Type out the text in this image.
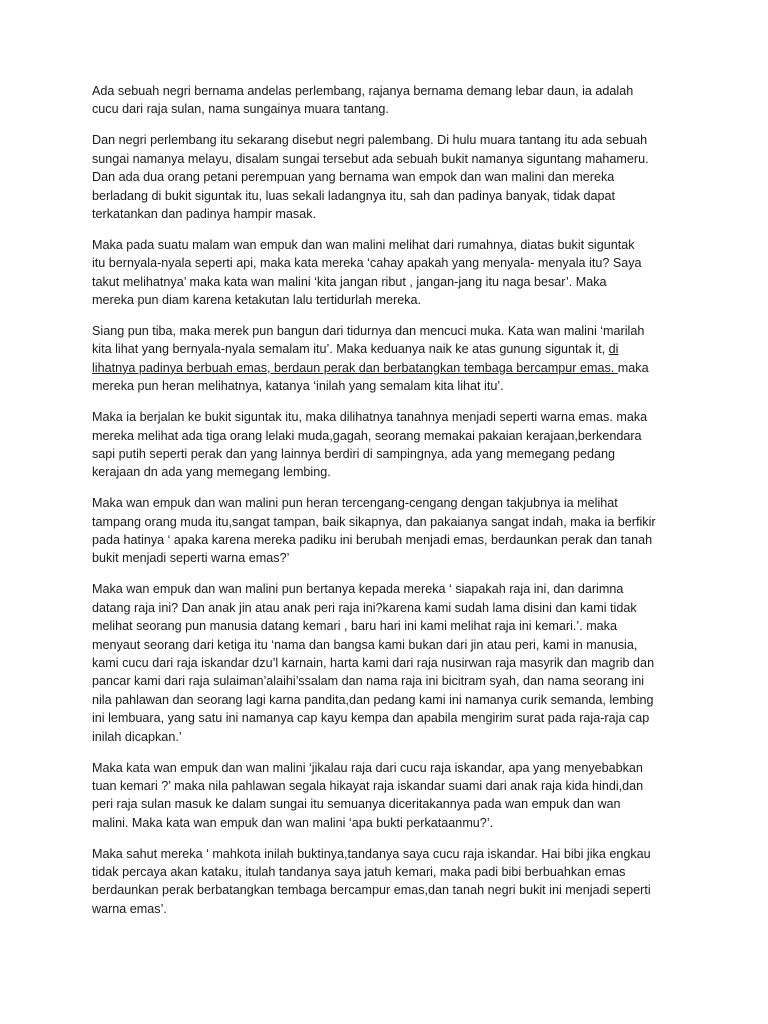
Ada sebuah negri bernama andelas perlembang, rajanya bernama demang lebar daun, ia adalah
cucu dari raja sulan, nama sungainya muara tantang.

Dan negri perlembang itu sekarang disebut negri palembang. Di hulu muara tantang itu ada sebuah
sungai namanya melayu, disalam sungai tersebut ada sebuah bukit namanya siguntang mahameru.
Dan ada dua orang petani perempuan yang bernama wan empok dan wan malini dan mereka
berladang di bukit siguntak itu, luas sekali ladangnya itu, sah dan padinya banyak, tidak dapat
terkatankan dan padinya hampir masak.

Maka pada suatu malam wan empuk dan wan malini melihat dari rumahnya, diatas bukit siguntak
itu bernyala-nyala seperti api, maka kata mereka ‘cahay apakah yang menyala- menyala itu? Saya
takut melihatnya’ maka kata wan malini ‘kita jangan ribut , jangan-jang itu naga besar’. Maka
mereka pun diam karena ketakutan lalu tertidurlah mereka.

Siang pun tiba, maka merek pun bangun dari tidurnya dan mencuci muka. Kata wan malini ‘marilah
kita lihat yang bernyala-nyala semalam itu’. Maka keduanya naik ke atas gunung siguntak it, di
lihatnya padinya berbuah emas, berdaun perak dan berbatangkan tembaga bercampur emas. maka
mereka pun heran melihatnya, katanya ‘inilah yang semalam kita lihat itu’.

Maka ia berjalan ke bukit siguntak itu, maka dilihatnya tanahnya menjadi seperti warna emas. maka
mereka melihat ada tiga orang lelaki muda,gagah, seorang memakai pakaian kerajaan,berkendara
sapi putih seperti perak dan yang lainnya berdiri di sampingnya, ada yang memegang pedang
kerajaan dn ada yang memegang lembing.

Maka wan empuk dan wan malini pun heran tercengang-cengang dengan takjubnya ia melihat
tampang orang muda itu,sangat tampan, baik sikapnya, dan pakaianya sangat indah, maka ia berfikir
pada hatinya ‘ apaka karena mereka padiku ini berubah menjadi emas, berdaunkan perak dan tanah
bukit menjadi seperti warna emas?’

Maka wan empuk dan wan malini pun bertanya kepada mereka ‘ siapakah raja ini, dan darimna
datang raja ini? Dan anak jin atau anak peri raja ini?karena kami sudah lama disini dan kami tidak
melihat seorang pun manusia datang kemari , baru hari ini kami melihat raja ini kemari.’. maka
menyaut seorang dari ketiga itu ‘nama dan bangsa kami bukan dari jin atau peri, kami in manusia,
kami cucu dari raja iskandar dzu’l karnain, harta kami dari raja nusirwan raja masyrik dan magrib dan
pancar kami dari raja sulaiman’alaihi’ssalam dan nama raja ini bicitram syah, dan nama seorang ini
nila pahlawan dan seorang lagi karna pandita,dan pedang kami ini namanya curik semanda, lembing
ini lembuara, yang satu ini namanya cap kayu kempa dan apabila mengirim surat pada raja-raja cap
inilah dicapkan.’

Maka kata wan empuk dan wan malini ‘jikalau raja dari cucu raja iskandar, apa yang menyebabkan
tuan kemari ?’ maka nila pahlawan segala hikayat raja iskandar suami dari anak raja kida hindi,dan
peri raja sulan masuk ke dalam sungai itu semuanya diceritakannya pada wan empuk dan wan
malini. Maka kata wan empuk dan wan malini ‘apa bukti perkataanmu?’.

Maka sahut mereka ‘ mahkota inilah buktinya,tandanya saya cucu raja iskandar. Hai bibi jika engkau
tidak percaya akan kataku, itulah tandanya saya jatuh kemari, maka padi bibi berbuahkan emas
berdaunkan perak berbatangkan tembaga bercampur emas,dan tanah negri bukit ini menjadi seperti
warna emas’.
